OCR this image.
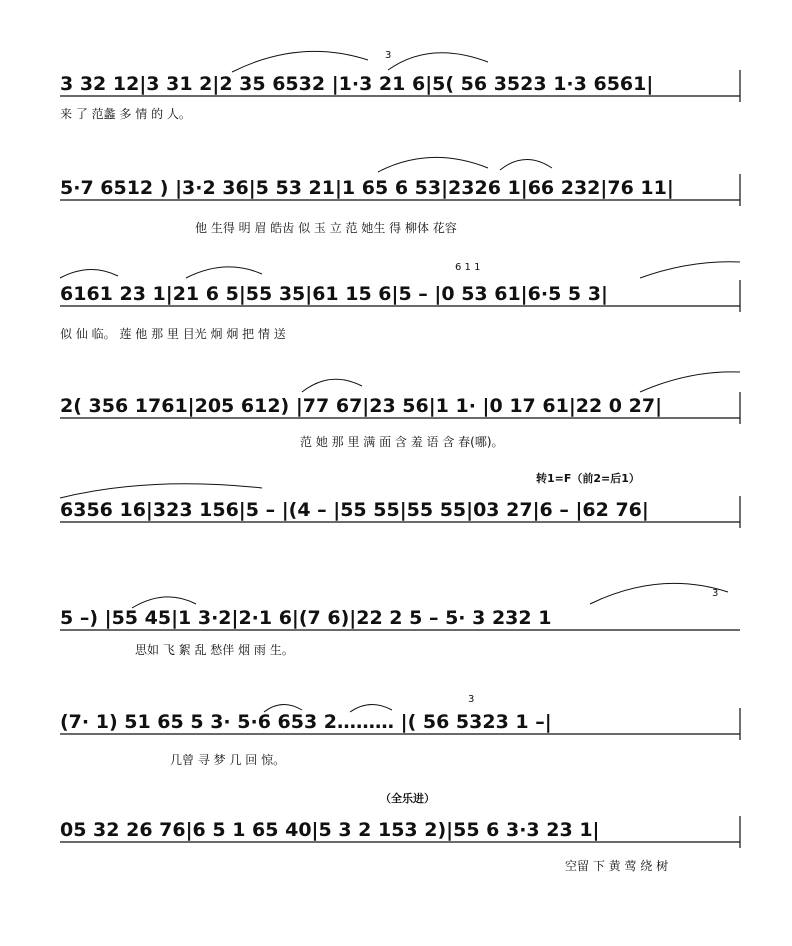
3
3 32 12|3 31 2|2 35 6532 |1·3 21 6|5( 56 3523 1·3 6561|
来 了 范蠡 多 情 的 人。
5·7 6512 ) |3·2 36|5 53 21|1 65 6 53|2326 1|66 232|76 11|
他 生得 明 眉 皓齿 似 玉 立 范 她生 得 柳体 花容
6 1 1
6161 23 1|21 6 5|55 35|61 15 6|5 – |0 53 61|6·5 5 3|
似 仙 临。 莲 他 那 里 目光 炯 炯 把 情 送
2( 356 1761|205 612) |77 67|23 56|1 1· |0 17 61|22 0 27|
范 她 那 里 满 面 含 羞 语 含 春(哪)。
转1=F（前2=后1）
6356 16|323 156|5 – |(4 – |55 55|55 55|03 27|6 – |62 76|
3
5 –) |55 45|1 3·2|2·1 6|(7 6)|22 2 5 – 5· 3 232 1
思如 飞 絮 乱 愁伴 烟 雨 生。
3
(7· 1) 51 65 5 3· 5·6 653 2……… |( 56 5323 1 –|
几曾 寻 梦 几 回 惊。
（全乐进）
05 32 26 76|6 5 1 65 40|5 3 2 153 2)|55 6 3·3 23 1|
空留 下 黄 莺 绕 树
